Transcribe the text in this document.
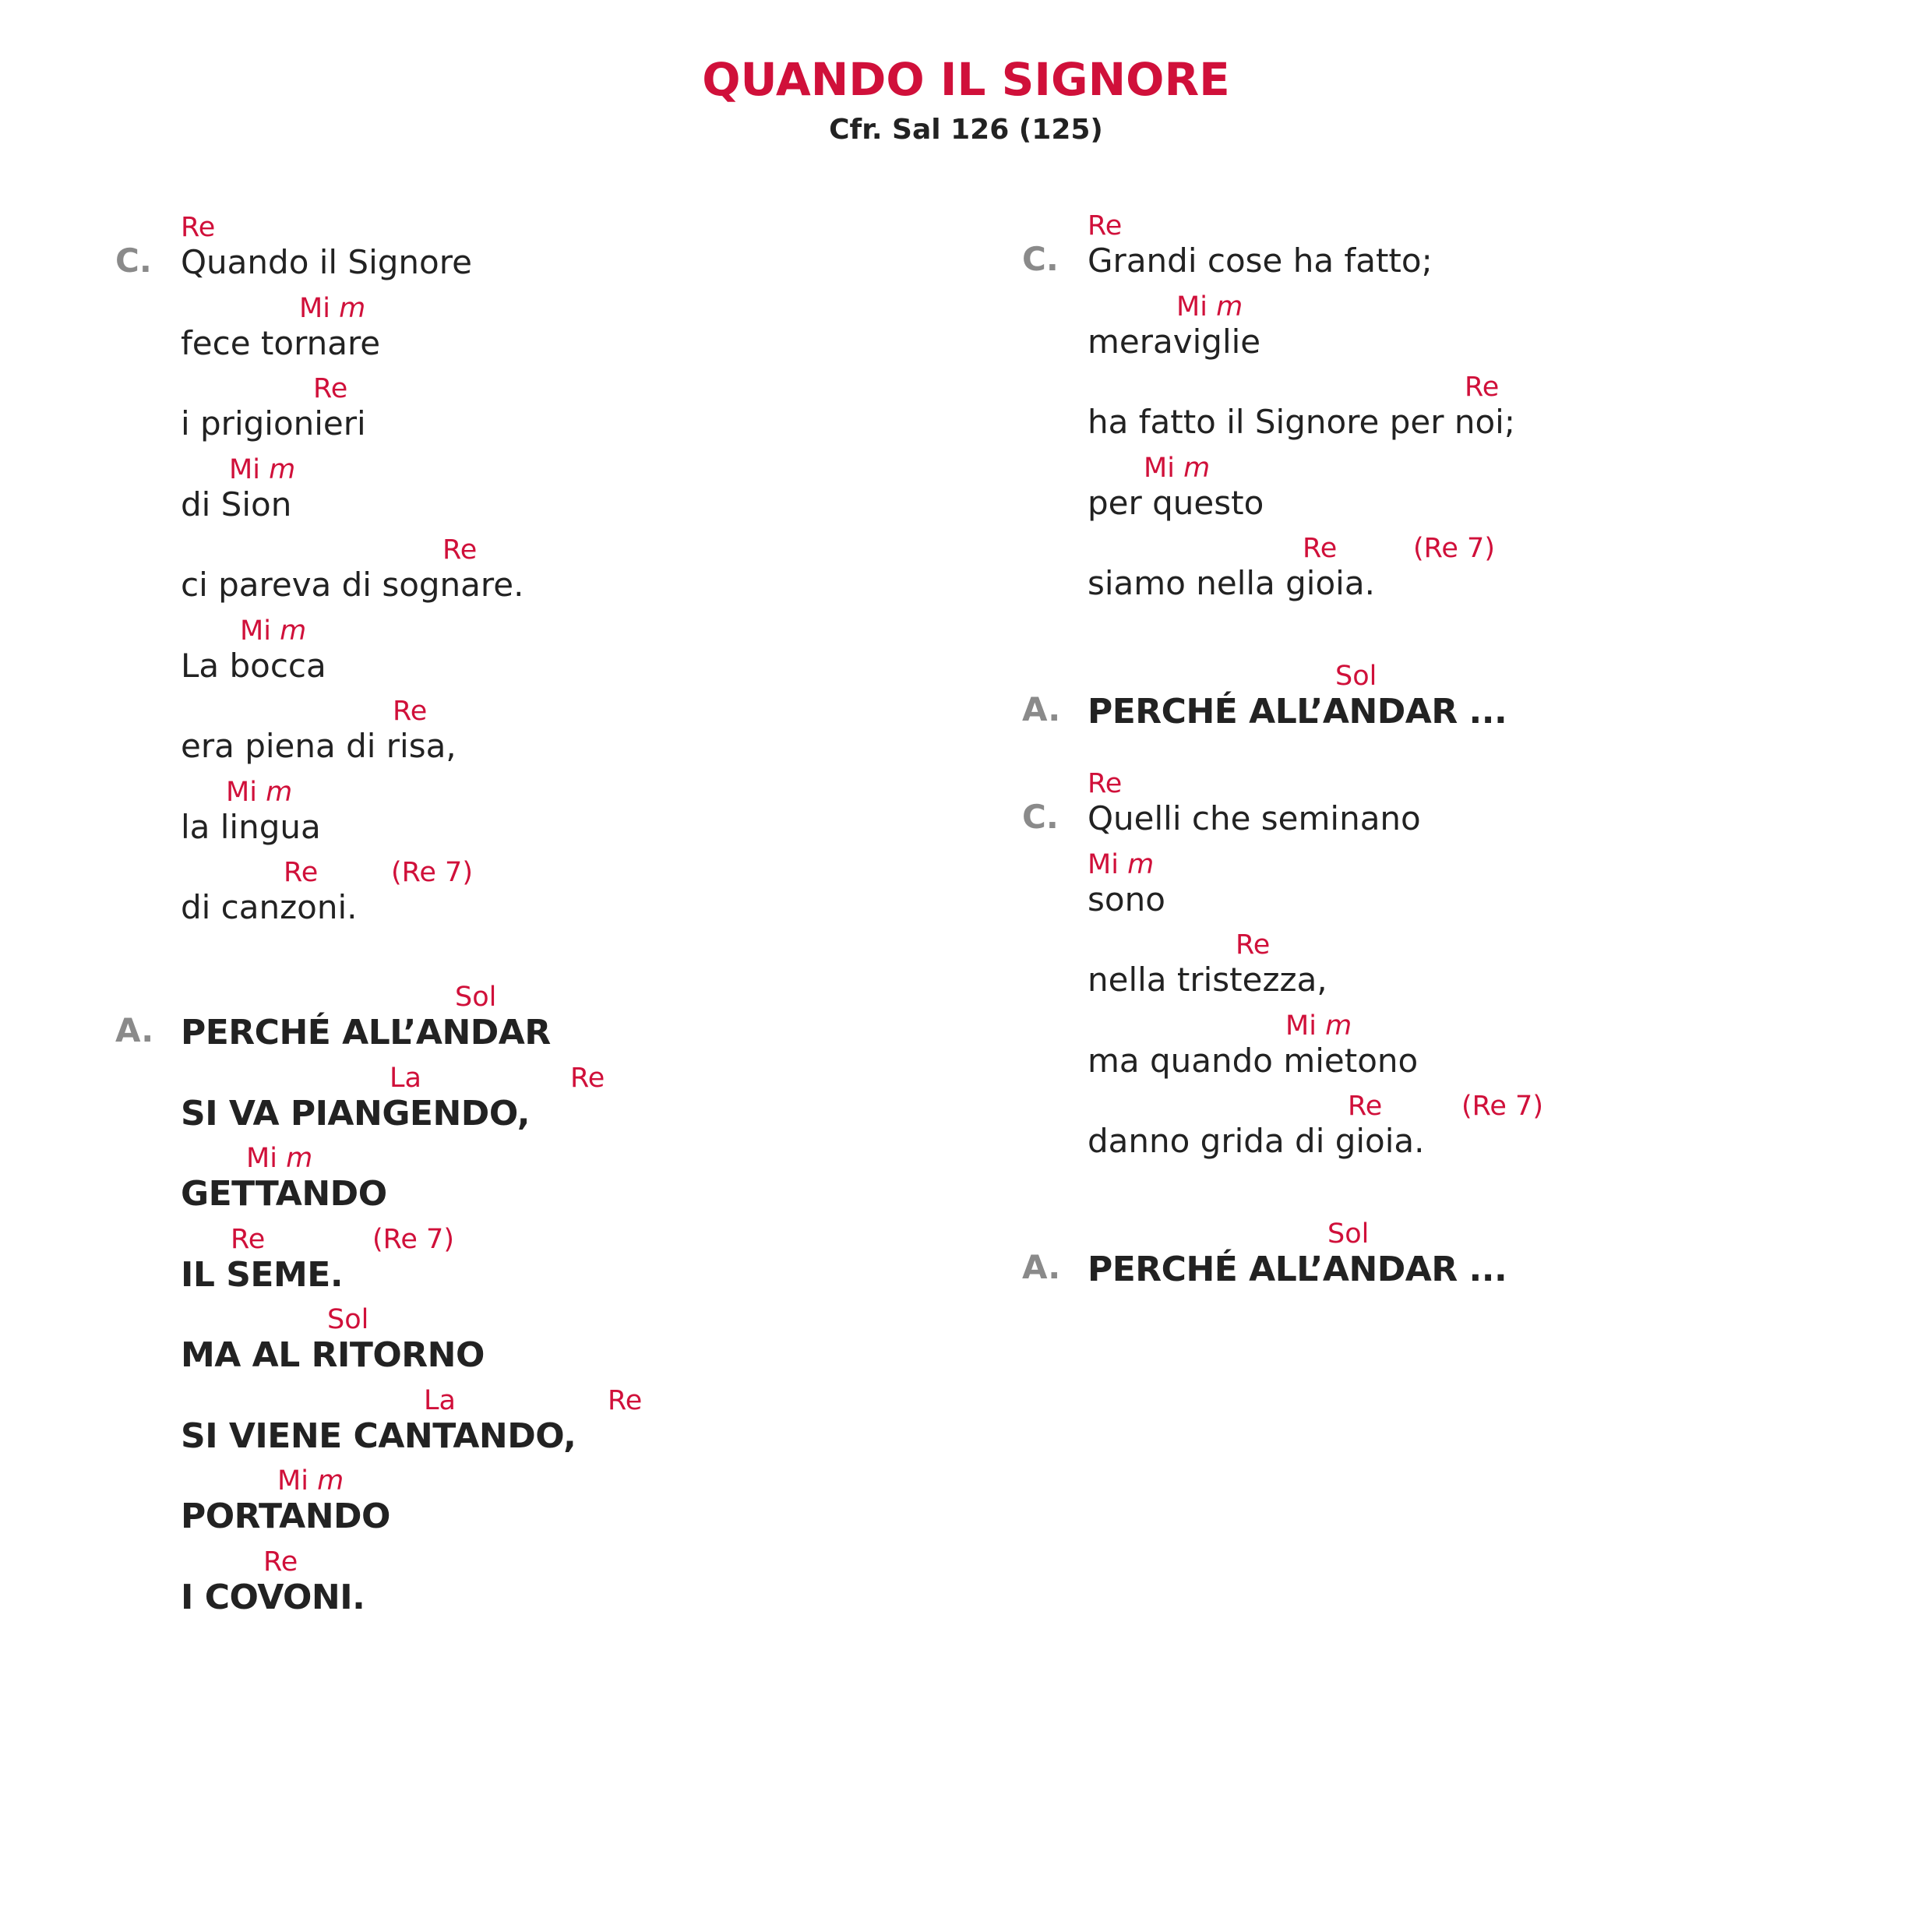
QUANDO IL SIGNORE
Cfr. Sal 126 (125)
C.
Re
Quando il Signore
Mi m
fece tornare
Re
i prigionieri
Mi m
di Sion
Re
ci pareva di sognare.
Mi m
La bocca
Re
era piena di risa,
Mi m
la lingua
Re	(Re 7)
di canzoni.
A.
Sol
PERCHÉ ALL’ANDAR
La	Re
SI VA PIANGENDO,
Mi m
GETTANDO
Re	(Re 7)
IL SEME.
Sol
MA AL RITORNO
La	Re
SI VIENE CANTANDO,
Mi m
PORTANDO
Re
I COVONI.
C.
Re
Grandi cose ha fatto;
Mi m
meraviglie
Re
ha fatto il Signore per noi;
Mi m
per questo
Re	(Re 7)
siamo nella gioia.
A.
Sol
PERCHÉ ALL’ANDAR ...
C.
Re
Quelli che seminano
Mi m
sono
Re
nella tristezza,
Mi m
ma quando mietono
Re	(Re 7)
danno grida di gioia.
A.
Sol
PERCHÉ ALL’ANDAR ...
